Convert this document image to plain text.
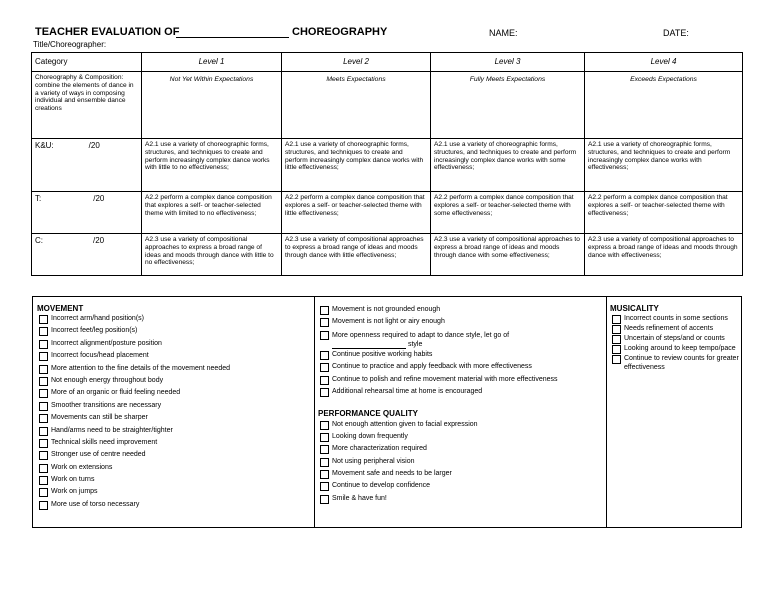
TEACHER EVALUATION OF	CHOREOGRAPHY	NAME:	DATE:
Title/Choreographer:
Category	Level 1	Level 2	Level 3	Level 4
Choreography & Composition: combine the elements of dance in a variety of ways in composing individual and ensemble dance creations	Not Yet Within Expectations	Meets Expectations	Fully Meets Expectations	Exceeds Expectations
K&U: /20	A2.1 use a variety of choreographic forms, structures, and techniques to create and perform increasingly complex dance works with little to no effectiveness;	A2.1 use a variety of choreographic forms, structures, and techniques to create and perform increasingly complex dance works with little effectiveness;	A2.1 use a variety of choreographic forms, structures, and techniques to create and perform increasingly complex dance works with some effectiveness;	A2.1 use a variety of choreographic forms, structures, and techniques to create and perform increasingly complex dance works with effectiveness;
T: /20	A2.2 perform a complex dance composition that explores a self- or teacher-selected theme with limited to no effectiveness;	A2.2 perform a complex dance composition that explores a self- or teacher-selected theme with little effectiveness;	A2.2 perform a complex dance composition that explores a self- or teacher-selected theme with some effectiveness;	A2.2 perform a complex dance composition that explores a self- or teacher-selected theme with effectiveness;
C: /20	A2.3 use a variety of compositional approaches to express a broad range of ideas and moods through dance with little to no effectiveness;	A2.3 use a variety of compositional approaches to express a broad range of ideas and moods through dance with little effectiveness;	A2.3 use a variety of compositional approaches to express a broad range of ideas and moods through dance with some effectiveness;	A2.3 use a variety of compositional approaches to express a broad range of ideas and moods through dance with effectiveness;
MOVEMENT
Incorrect arm/hand position(s)
Incorrect feet/leg position(s)
Incorrect alignment/posture position
Incorrect focus/head placement
More attention to the fine details of the movement needed
Not enough energy throughout body
More of an organic or fluid feeling needed
Smoother transitions are necessary
Movements can still be sharper
Hand/arms need to be straighter/tighter
Technical skills need improvement
Stronger use of centre needed
Work on extensions
Work on turns
Work on jumps
More use of torso necessary
Movement is not grounded enough
Movement is not light or airy enough
More openness required to adapt to dance style, let go of
style
Continue positive working habits
Continue to practice and apply feedback with more effectiveness
Continue to polish and refine movement material with more effectiveness
Additional rehearsal time at home is encouraged
PERFORMANCE QUALITY
Not enough attention given to facial expression
Looking down frequently
More characterization required
Not using peripheral vision
Movement safe and needs to be larger
Continue to develop confidence
Smile & have fun!
MUSICALITY
Incorrect counts in some sections
Needs refinement of accents
Uncertain of steps/and or counts
Looking around to keep tempo/pace
Continue to review counts for greater effectiveness
